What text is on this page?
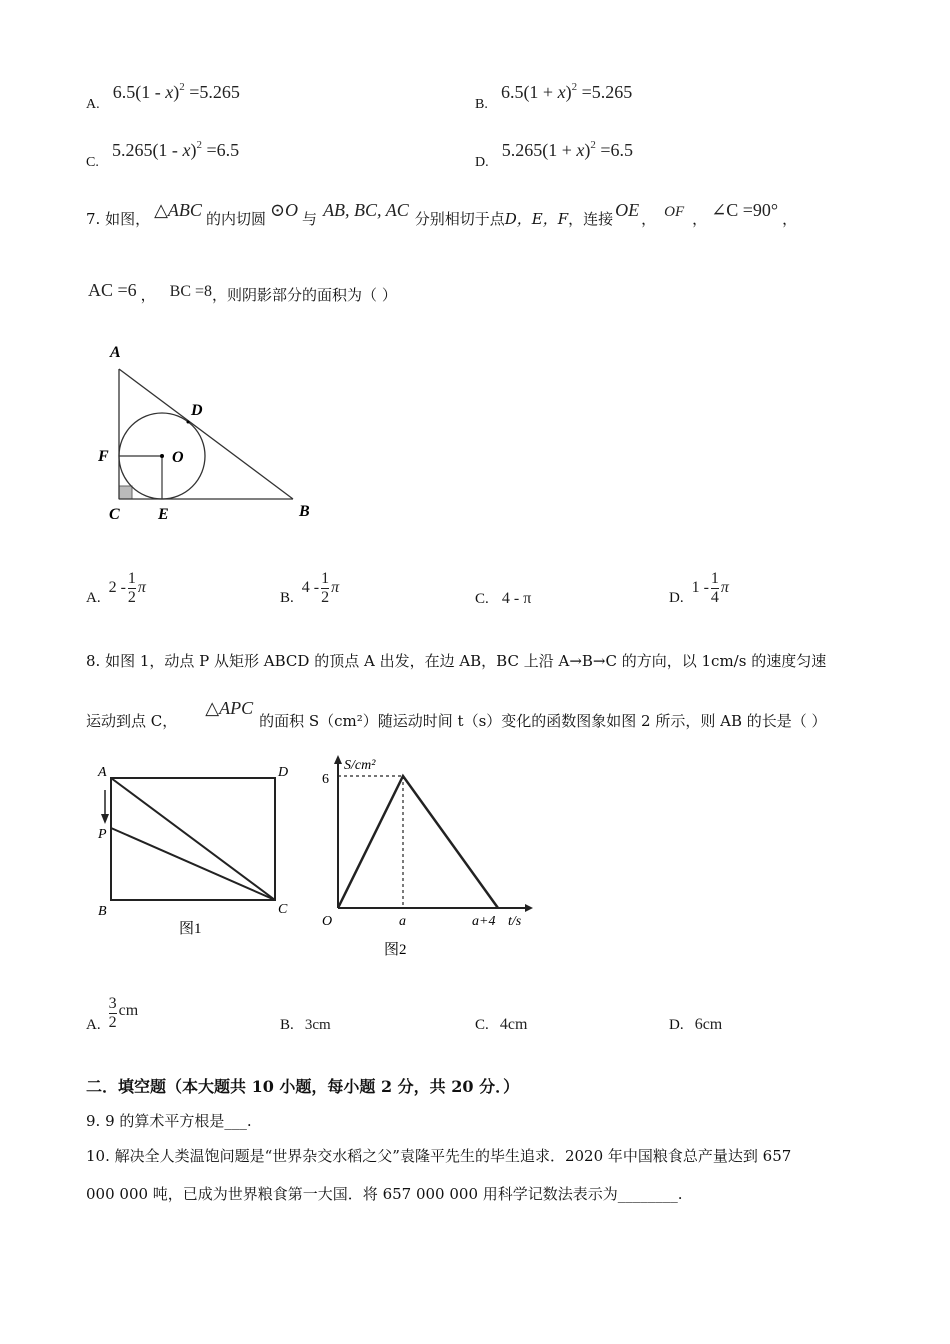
A. 6.5(1 - x)$^2$ =5.265
B. $6.5(1 + x)^2 =5.265$
C. 5.265(1 - x)$^2$ =6.5
D. $5.265(1 + x)^2 =6.5$
7. 如图， △ABC 的内切圆 ⊙O 与 AB, BC, AC 分别相切于点D，E，F，连接 OE ， OF ， ∠C =90° ，
AC =6 ， BC =8，则阴影部分的面积为（ ）
A
D
F	O
C E	B
A.
$2 - \frac{1}{2}$ π
B.
$4 - \frac{1}{2}$ π
C. 4 - π	D.
$1 - \frac{1}{4}$ π
8. 如图 1，动点 P 从矩形 ABCD 的顶点 A 出发，在边 AB，BC 上沿 A→B→C 的方向，以 1cm/s 的速度匀速
运动到点 C，△APC的面积 S（cm²）随运动时间 t（s）变化的函数图象如图 2 所示，则 AB 的长是（ ）
A	D
P
B	C
图1
S/cm²
6
O	a	a+4 t/s
图2
A. $\frac{3}{2}$ cm
B. 3cm	C. 4cm	D. 6cm
二．填空题（本大题共 10 小题，每小题 2 分，共 20 分．）
9. 9 的算术平方根是___.
10. 解决全人类温饱问题是“世界杂交水稻之父”袁隆平先生的毕生追求．2020 年中国粮食总产量达到 657
000 000 吨，已成为世界粮食第一大国．将 657 000 000 用科学记数法表示为________.
